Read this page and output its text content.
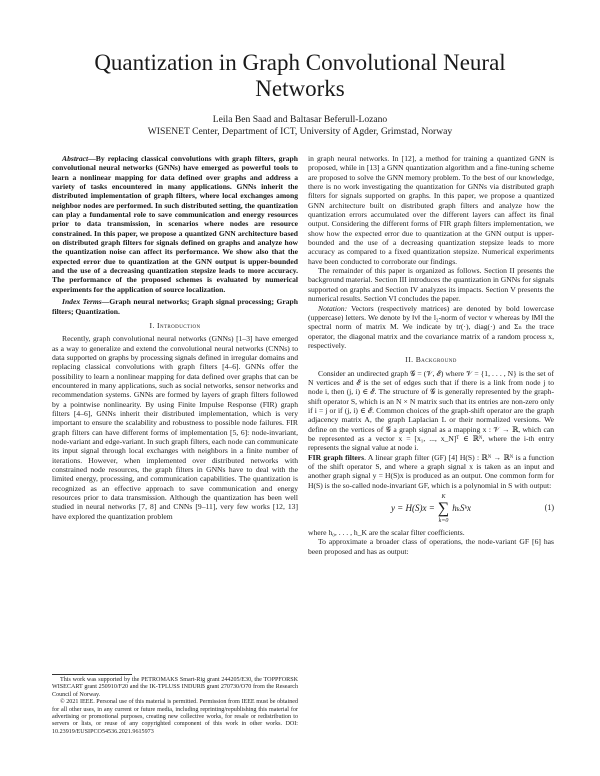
Quantization in Graph Convolutional Neural Networks
Leila Ben Saad and Baltasar Beferull-Lozano
WISENET Center, Department of ICT, University of Agder, Grimstad, Norway

Abstract—By replacing classical convolutions with graph filters, graph convolutional neural networks (GNNs) have emerged as powerful tools to learn a nonlinear mapping for data defined over graphs and address a variety of tasks encountered in many applications. GNNs inherit the distributed implementation of graph filters, where local exchanges among neighbor nodes are performed. In such distributed setting, the quantization can play a fundamental role to save communication and energy resources prior to data transmission, in scenarios where nodes are resource constrained. In this paper, we propose a quantized GNN architecture based on distributed graph filters for signals defined on graphs and analyze how the quantization noise can affect its performance. We show also that the expected error due to quantization at the GNN output is upper-bounded and the use of a decreasing quantization stepsize leads to more accuracy. The performance of the proposed schemes is evaluated by numerical experiments for the application of source localization.

Index Terms—Graph neural networks; Graph signal processing; Graph filters; Quantization.

I. Introduction

Recently, graph convolutional neural networks (GNNs) [1–3] have emerged as a way to generalize and extend the convolutional neural networks (CNNs) to data supported on graphs by processing signals defined in irregular domains and replacing classical convolutions with graph filters [4–6]. GNNs offer the possibility to learn a nonlinear mapping for data defined over graphs that can be encountered in many applications, such as social networks, sensor networks and recommendation systems. GNNs are formed by layers of graph filters followed by a pointwise nonlinearity. By using Finite Impulse Response (FIR) graph filters [4–6], GNNs inherit their distributed implementation, which is very important to ensure the scalability and robustness to possible node failures. FIR graph filters can have different forms of implementation [5, 6]: node-invariant, node-variant and edge-variant. In such graph filters, each node can communicate its input signal through local exchanges with neighbors in a finite number of iterations. However, when implemented over distributed networks with constrained node resources, the graph filters in GNNs have to deal with the limited energy, processing, and communication capabilities. The quantization is recognized as an effective approach to save communication and energy resources prior to data transmission. Although the quantization has been well studied in neural networks [7, 8] and CNNs [9–11], very few works [12, 13] have explored the quantization problem

This work was supported by the PETROMAKS Smart-Rig grant 244205/E30, the TOPPFORSK WISECART grant 250910/F20 and the IK-TPLUSS INDURB grant 270730/O70 from the Research Council of Norway.

© 2021 IEEE. Personal use of this material is permitted. Permission from IEEE must be obtained for all other uses, in any current or future media, including reprinting/republishing this material for advertising or promotional purposes, creating new collective works, for resale or redistribution to servers or lists, or reuse of any copyrighted component of this work in other works. DOI: 10.23919/EUSIPCO54536.2021.9615973

in graph neural networks. In [12], a method for training a quantized GNN is proposed, while in [13] a GNN quantization algorithm and a fine-tuning scheme are proposed to solve the GNN memory problem. To the best of our knowledge, there is no work investigating the quantization for GNNs via distributed graph filters for signals supported on graphs. In this paper, we propose a quantized GNN architecture built on distributed graph filters and analyze how the quantization errors accumulated over the different layers can affect its final output. Considering the different forms of FIR graph filters implementation, we show how the expected error due to quantization at the GNN output is upper-bounded and the use of a decreasing quantization stepsize leads to more accuracy as compared to a fixed quantization stepsize. Numerical experiments have been conducted to corroborate our findings.

The remainder of this paper is organized as follows. Section II presents the background material. Section III introduces the quantization in GNNs for signals supported on graphs and Section IV analyzes its impacts. Section V presents the numerical results. Section VI concludes the paper.

Notation: Vectors (respectively matrices) are denoted by bold lowercase (uppercase) letters. We denote by ‖v‖ the l₂-norm of vector v whereas by ‖M‖ the spectral norm of matrix M. We indicate by tr(·), diag(·) and Σₙ the trace operator, the diagonal matrix and the covariance matrix of a random process x, respectively.

II. Background

Consider an undirected graph 𝒢 = (𝒱, ℰ) where 𝒱 = {1, . . . , N} is the set of N vertices and ℰ is the set of edges such that if there is a link from node j to node i, then (j, i) ∈ ℰ. The structure of 𝒢 is generally represented by the graph-shift operator S, which is an N × N matrix such that its entries are non-zero only if i = j or if (j, i) ∈ ℰ. Common choices of the graph-shift operator are the graph adjacency matrix A, the graph Laplacian L or their normalized versions. We define on the vertices of 𝒢 a graph signal as a mapping x : 𝒱 → ℝ, which can be represented as a vector x = [x₁, ..., x_N]ᵀ ∈ ℝᴺ, where the i-th entry represents the signal value at node i.

FIR graph filters. A linear graph filter (GF) [4] H(S) : ℝᴺ → ℝᴺ is a function of the shift operator S, and where a graph signal x is taken as an input and another graph signal y = H(S)x is produced as an output. One common form for H(S) is the so-called node-invariant GF, which is a polynomial in S with output:

y = H(S)x =
K
∑
k=0
hₖSᵏx	(1)

where h₀, . . . , h_K are the scalar filter coefficients.

To approximate a broader class of operations, the node-variant GF [6] has been proposed and has as output:
